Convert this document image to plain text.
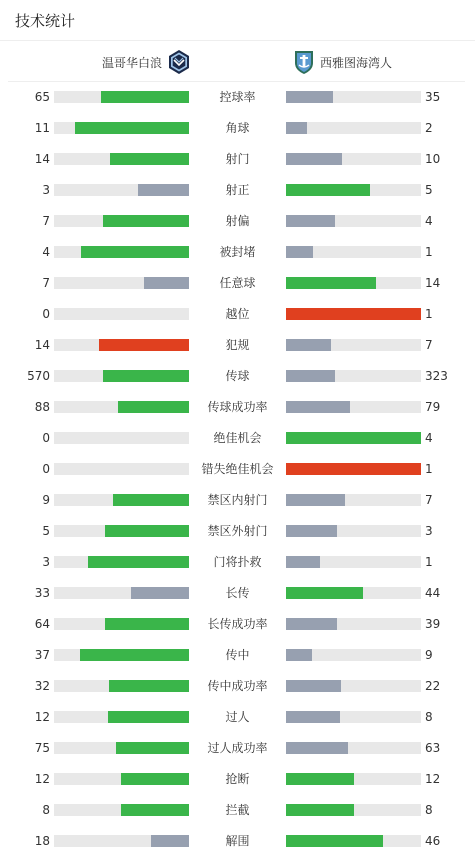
技术统计
温哥华白浪	西雅图海湾人
65	控球率	35
11	角球	2
14	射门	10
3	射正	5
7	射偏	4
4	被封堵	1
7	任意球	14
0	越位	1
14	犯规	7
570	传球	323
88	传球成功率	79
0	绝佳机会	4
0	错失绝佳机会	1
9	禁区内射门	7
5	禁区外射门	3
3	门将扑救	1
33	长传	44
64	长传成功率	39
37	传中	9
32	传中成功率	22
12	过人	8
75	过人成功率	63
12	抢断	12
8	拦截	8
18	解围	46
